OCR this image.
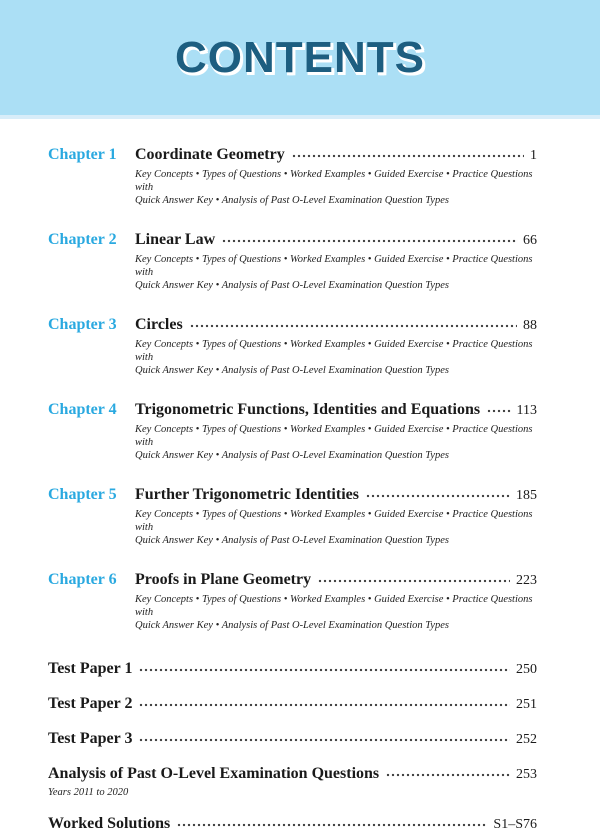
CONTENTS
Chapter 1	Coordinate Geometry	1
Key Concepts • Types of Questions • Worked Examples • Guided Exercise • Practice Questions with
Quick Answer Key • Analysis of Past O-Level Examination Question Types
Chapter 2	Linear Law	66
Key Concepts • Types of Questions • Worked Examples • Guided Exercise • Practice Questions with
Quick Answer Key • Analysis of Past O-Level Examination Question Types
Chapter 3	Circles	88
Key Concepts • Types of Questions • Worked Examples • Guided Exercise • Practice Questions with
Quick Answer Key • Analysis of Past O-Level Examination Question Types
Chapter 4	Trigonometric Functions, Identities and Equations	113
Key Concepts • Types of Questions • Worked Examples • Guided Exercise • Practice Questions with
Quick Answer Key • Analysis of Past O-Level Examination Question Types
Chapter 5	Further Trigonometric Identities	185
Key Concepts • Types of Questions • Worked Examples • Guided Exercise • Practice Questions with
Quick Answer Key • Analysis of Past O-Level Examination Question Types
Chapter 6	Proofs in Plane Geometry	223
Key Concepts • Types of Questions • Worked Examples • Guided Exercise • Practice Questions with
Quick Answer Key • Analysis of Past O-Level Examination Question Types
Test Paper 1	250
Test Paper 2	251
Test Paper 3	252
Analysis of Past O-Level Examination Questions	253
Years 2011 to 2020
Worked Solutions	S1–S76
